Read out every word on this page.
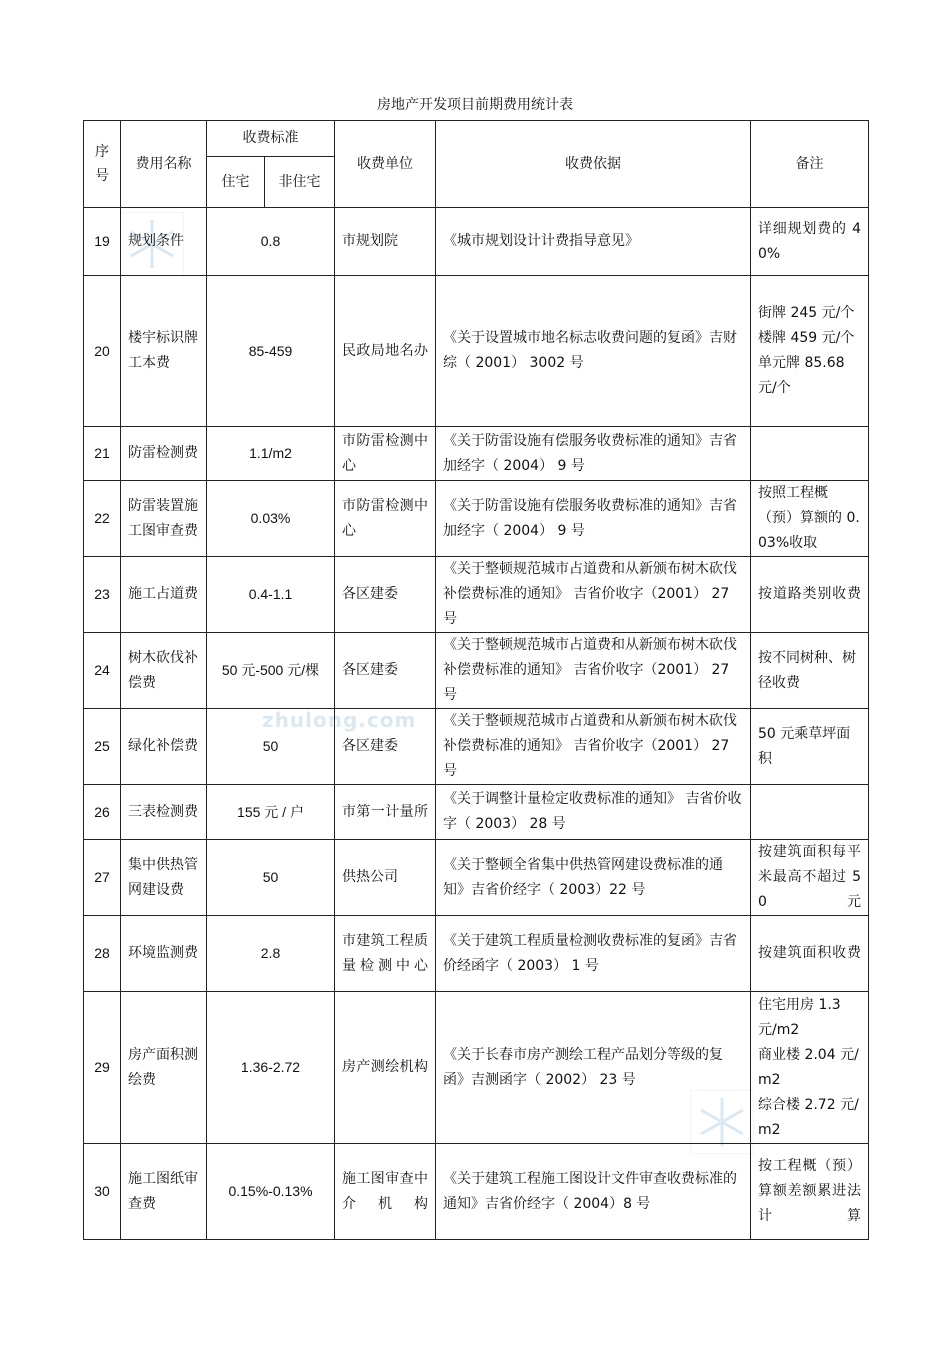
房地产开发项目前期费用统计表
zhulong.com
序号	费用名称	收费标准		收费单位	收费依据	备注
		住宅	非住宅			
19	规划条件	0.8		市规划院	《城市规划设计计费指导意见》	详细规划费的 40%
20	楼宇标识牌工本费	85-459		民政局地名办	《关于设置城市地名标志收费问题的复函》吉财综（ 2001） 3002 号	街牌 245 元/个
楼牌 459 元/个
单元牌 85.68 元/个
21	防雷检测费	1.1/m2		市防雷检测中心	《关于防雷设施有偿服务收费标准的通知》吉省加经字（ 2004） 9 号	
22	防雷装置施工图审查费	0.03%		市防雷检测中心	《关于防雷设施有偿服务收费标准的通知》吉省加经字（ 2004） 9 号	按照工程概（预）算额的 0.03%收取
23	施工占道费	0.4-1.1		各区建委	《关于整顿规范城市占道费和从新颁布树木砍伐补偿费标准的通知》 吉省价收字（2001） 27 号	按道路类别收费
24	树木砍伐补偿费	50 元-500 元/棵		各区建委	《关于整顿规范城市占道费和从新颁布树木砍伐补偿费标准的通知》 吉省价收字（2001） 27 号	按不同树种、树径收费
25	绿化补偿费	50		各区建委	《关于整顿规范城市占道费和从新颁布树木砍伐补偿费标准的通知》 吉省价收字（2001） 27 号	50 元乘草坪面积
26	三表检测费	155 元 / 户		市第一计量所	《关于调整计量检定收费标准的通知》 吉省价收字（ 2003） 28 号	
27	集中供热管网建设费	50		供热公司	《关于整顿全省集中供热管网建设费标准的通知》吉省价经字（ 2003）22 号	按建筑面积每平米最高不超过 50 元
28	环境监测费	2.8		市建筑工程质量检测中心	《关于建筑工程质量检测收费标准的复函》吉省价经函字（ 2003） 1 号	按建筑面积收费
29	房产面积测绘费	1.36-2.72		房产测绘机构	《关于长春市房产测绘工程产品划分等级的复函》吉测函字（ 2002） 23 号	住宅用房 1.3 元/m2
商业楼 2.04 元/m2
综合楼 2.72 元/m2
30	施工图纸审查费	0.15%-0.13%		施工图审查中介机构	《关于建筑工程施工图设计文件审查收费标准的通知》吉省价经字（ 2004）8 号	按工程概（预）算额差额累进法计算
